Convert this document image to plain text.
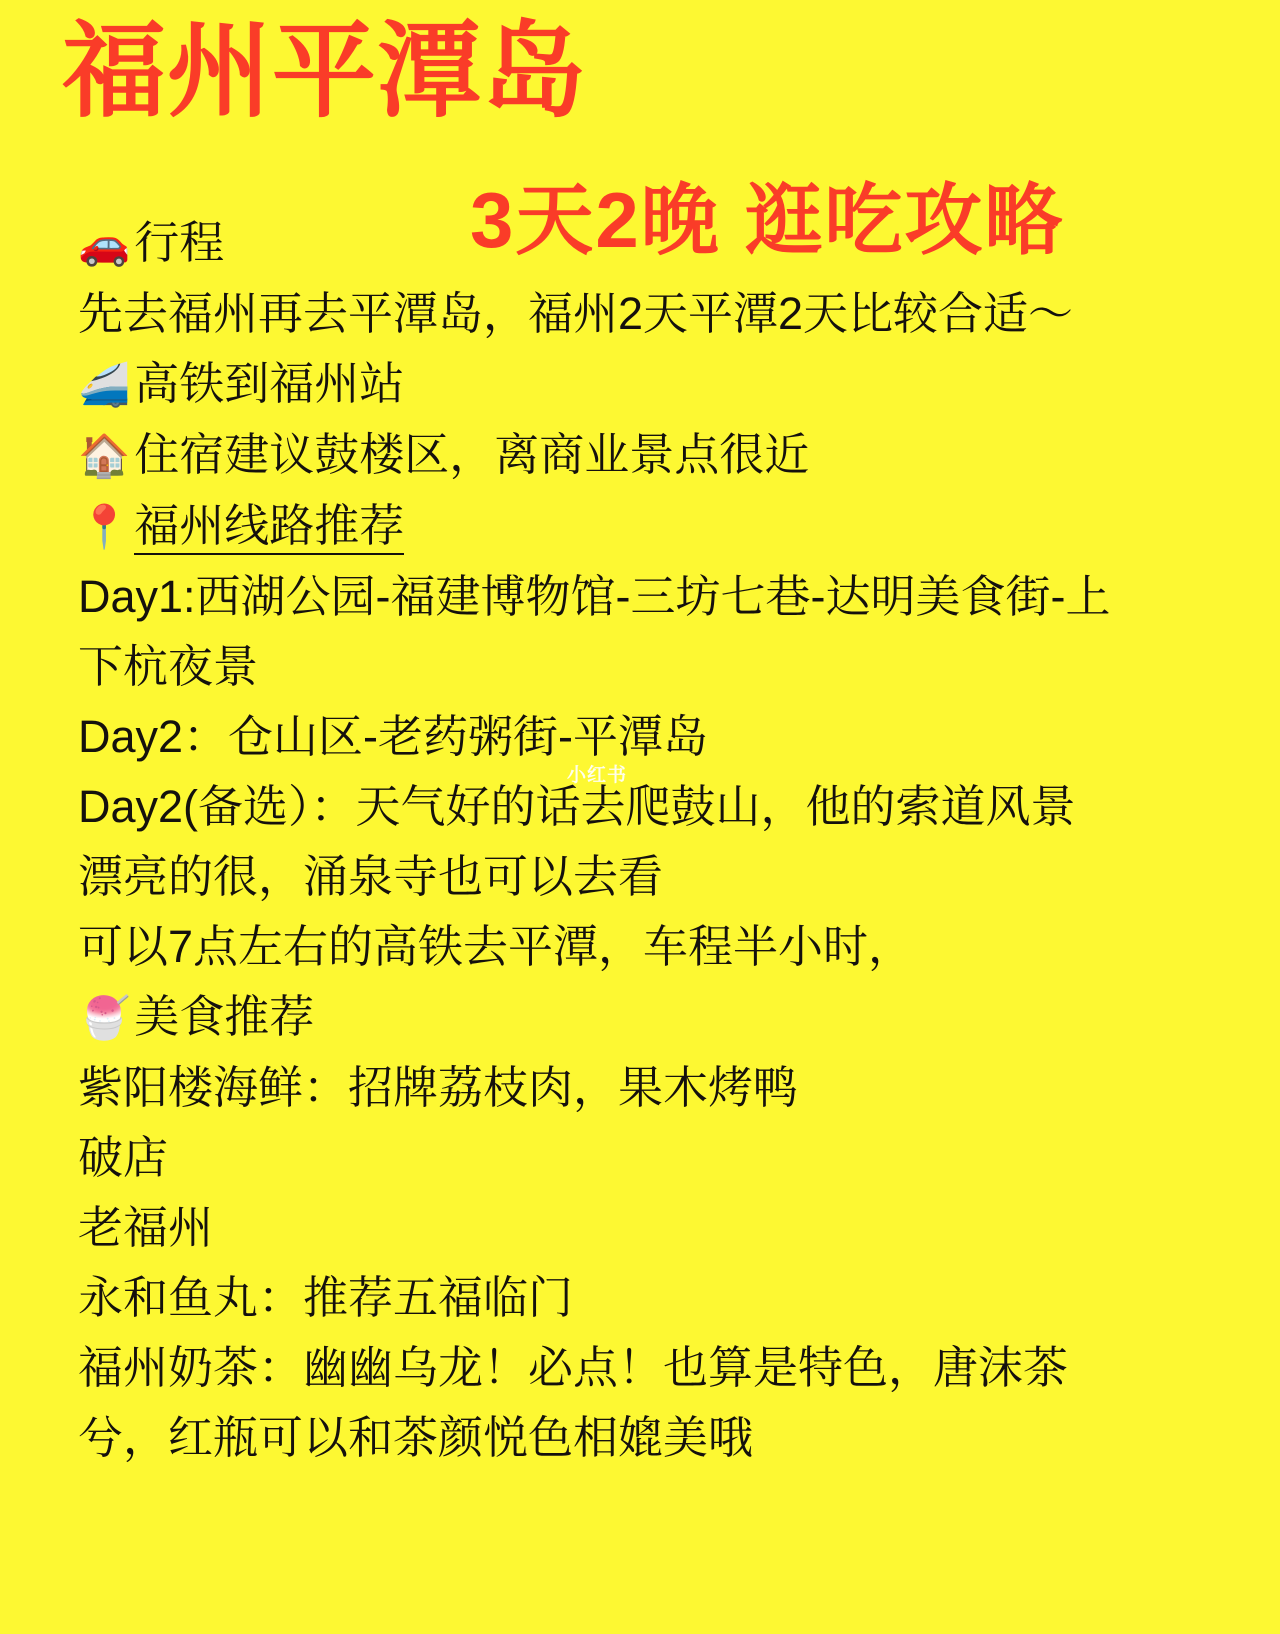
福州平潭岛
3天2晚 逛吃攻略
🚗行程
先去福州再去平潭岛，福州2天平潭2天比较合适～
🚄高铁到福州站
🏠住宿建议鼓楼区，离商业景点很近
📍福州线路推荐
Day1:西湖公园-福建博物馆-三坊七巷-达明美食街-上下杭夜景
Day2：仓山区-老药粥街-平潭岛
Day2(备选）：天气好的话去爬鼓山，他的索道风景漂亮的很，涌泉寺也可以去看
可以7点左右的高铁去平潭，车程半小时，
🍧美食推荐
紫阳楼海鲜：招牌荔枝肉，果木烤鸭
破店
老福州
永和鱼丸：推荐五福临门
福州奶茶：幽幽乌龙！必点！也算是特色，唐沫茶兮，红瓶可以和茶颜悦色相媲美哦
小红书
